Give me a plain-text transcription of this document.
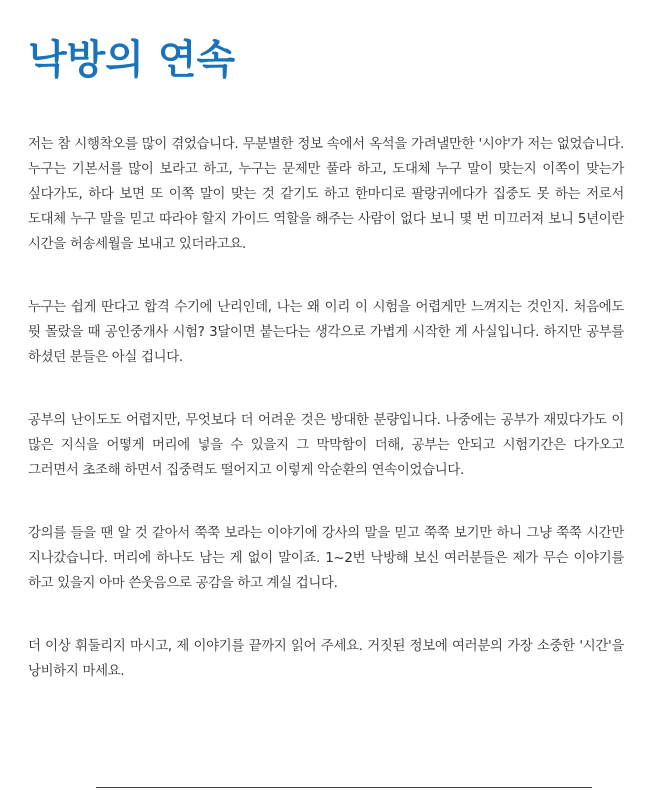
낙방의 연속

저는 참 시행착오를 많이 겪었습니다. 무분별한 정보 속에서 옥석을 가려낼만한 '시야'가 저는 없었습니다. 누구는 기본서를 많이 보라고 하고, 누구는 문제만 풀라 하고, 도대체 누구 말이 맞는지 이쪽이 맞는가 싶다가도, 하다 보면 또 이쪽 말이 맞는 것 같기도 하고 한마디로 팔랑귀에다가 집중도 못 하는 저로서 도대체 누구 말을 믿고 따라야 할지 가이드 역할을 해주는 사람이 없다 보니 몇 번 미끄러져 보니 5년이란 시간을 허송세월을 보내고 있더라고요.

누구는 쉽게 딴다고 합격 수기에 난리인데, 나는 왜 이리 이 시험을 어렵게만 느껴지는 것인지. 처음에도 뭣 몰랐을 때 공인중개사 시험? 3달이면 붙는다는 생각으로 가볍게 시작한 게 사실입니다. 하지만 공부를 하셨던 분들은 아실 겁니다.

공부의 난이도도 어렵지만, 무엇보다 더 어려운 것은 방대한 분량입니다. 나중에는 공부가 재밌다가도 이 많은 지식을 어떻게 머리에 넣을 수 있을지 그 막막함이 더해, 공부는 안되고 시험기간은 다가오고 그러면서 초조해 하면서 집중력도 떨어지고 이렇게 악순환의 연속이었습니다.

강의를 들을 땐 알 것 같아서 쭉쭉 보라는 이야기에 강사의 말을 믿고 쭉쭉 보기만 하니 그냥 쭉쭉 시간만 지나갔습니다. 머리에 하나도 남는 게 없이 말이죠. 1~2번 낙방해 보신 여러분들은 제가 무슨 이야기를 하고 있을지 아마 쓴웃음으로 공감을 하고 계실 겁니다.

더 이상 휘둘리지 마시고, 제 이야기를 끝까지 읽어 주세요. 거짓된 정보에 여러분의 가장 소중한 '시간'을 낭비하지 마세요.
